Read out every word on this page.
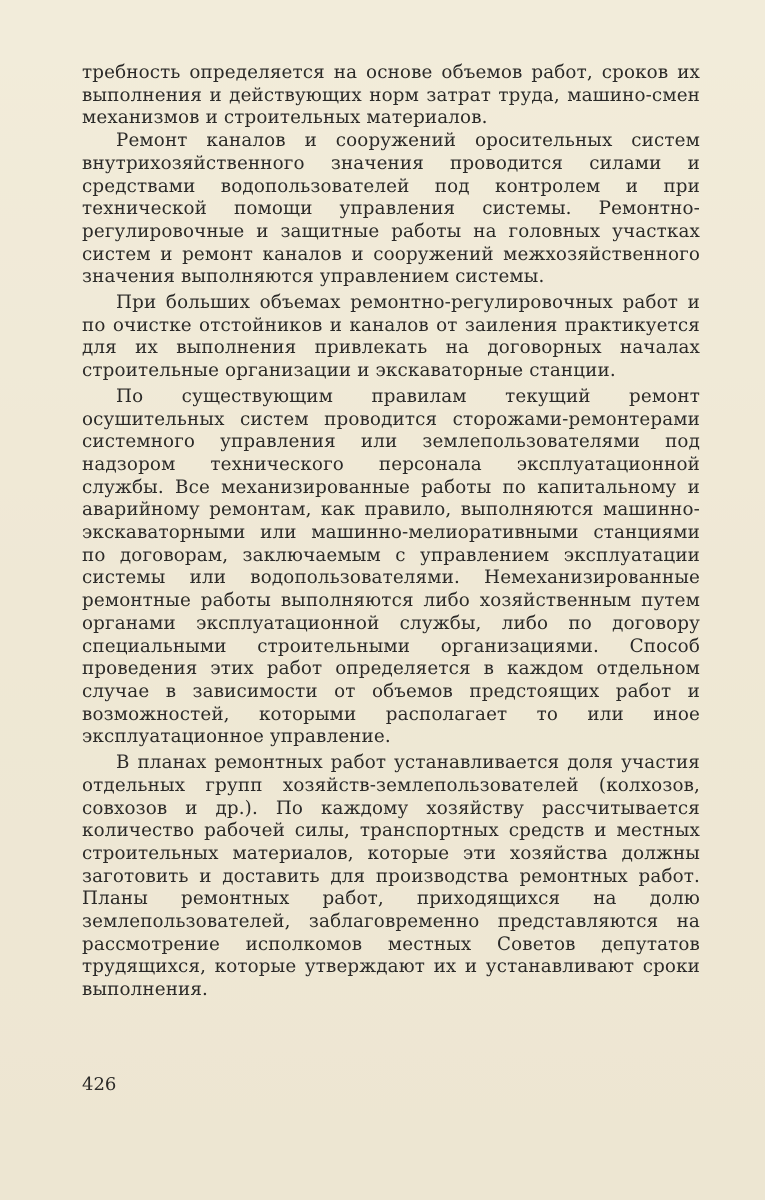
требность определяется на основе объемов работ, сроков их выполнения и действующих норм затрат труда, машино-смен механизмов и строительных материалов.

Ремонт каналов и сооружений оросительных систем внутрихозяйственного значения проводится силами и средствами водопользователей под контролем и при технической помощи управления системы. Ремонтно-регулировочные и защитные работы на головных участках систем и ремонт каналов и сооружений межхозяйственного значения выполняются управлением системы.

При больших объемах ремонтно-регулировочных работ и по очистке отстойников и каналов от заиления практикуется для их выполнения привлекать на договорных началах строительные организации и экскаваторные станции.

По существующим правилам текущий ремонт осушительных систем проводится сторожами-ремонтерами системного управления или землепользователями под надзором технического персонала эксплуатационной службы. Все механизированные работы по капитальному и аварийному ремонтам, как правило, выполняются машинно-экскаваторными или машинно-мелиоративными станциями по договорам, заключаемым с управлением эксплуатации системы или водопользователями. Немеханизированные ремонтные работы выполняются либо хозяйственным путем органами эксплуатационной службы, либо по договору специальными строительными организациями. Способ проведения этих работ определяется в каждом отдельном случае в зависимости от объемов предстоящих работ и возможностей, которыми располагает то или иное эксплуатационное управление.

В планах ремонтных работ устанавливается доля участия отдельных групп хозяйств-землепользователей (колхозов, совхозов и др.). По каждому хозяйству рассчитывается количество рабочей силы, транспортных средств и местных строительных материалов, которые эти хозяйства должны заготовить и доставить для производства ремонтных работ. Планы ремонтных работ, приходящихся на долю землепользователей, заблаговременно представляются на рассмотрение исполкомов местных Советов депутатов трудящихся, которые утверждают их и устанавливают сроки выполнения.

426
